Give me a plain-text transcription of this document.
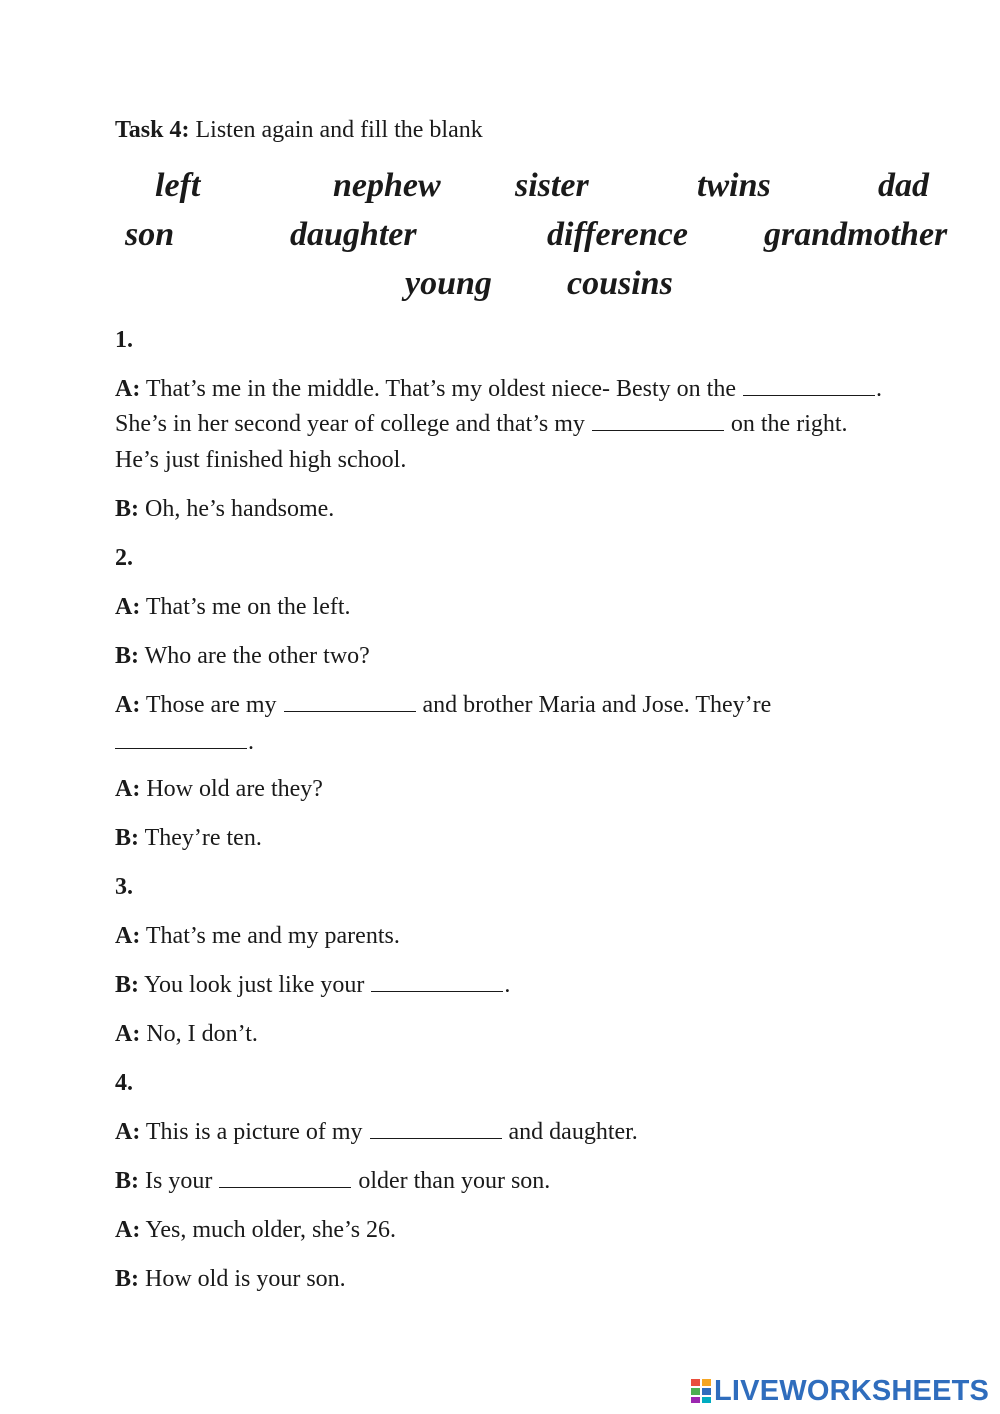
Task 4: Listen again and fill the blank
left	nephew sister	twins	dad
son	daughter	difference grandmother
young cousins
1.
A: That’s me in the middle. That’s my oldest niece- Besty on the	.
She’s in her second year of college and that’s my	on the right.
He’s just finished high school.
B: Oh, he’s handsome.
2.
A: That’s me on the left.
B: Who are the other two?
A: Those are my	and brother Maria and Jose. They’re
.
A: How old are they?
B: They’re ten.
3.
A: That’s me and my parents.
B: You look just like your	.
A: No, I don’t.
4.
A: This is a picture of my	and daughter.
B: Is your	older than your son.
A: Yes, much older, she’s 26.
B: How old is your son.
LIVEWORKSHEETS
